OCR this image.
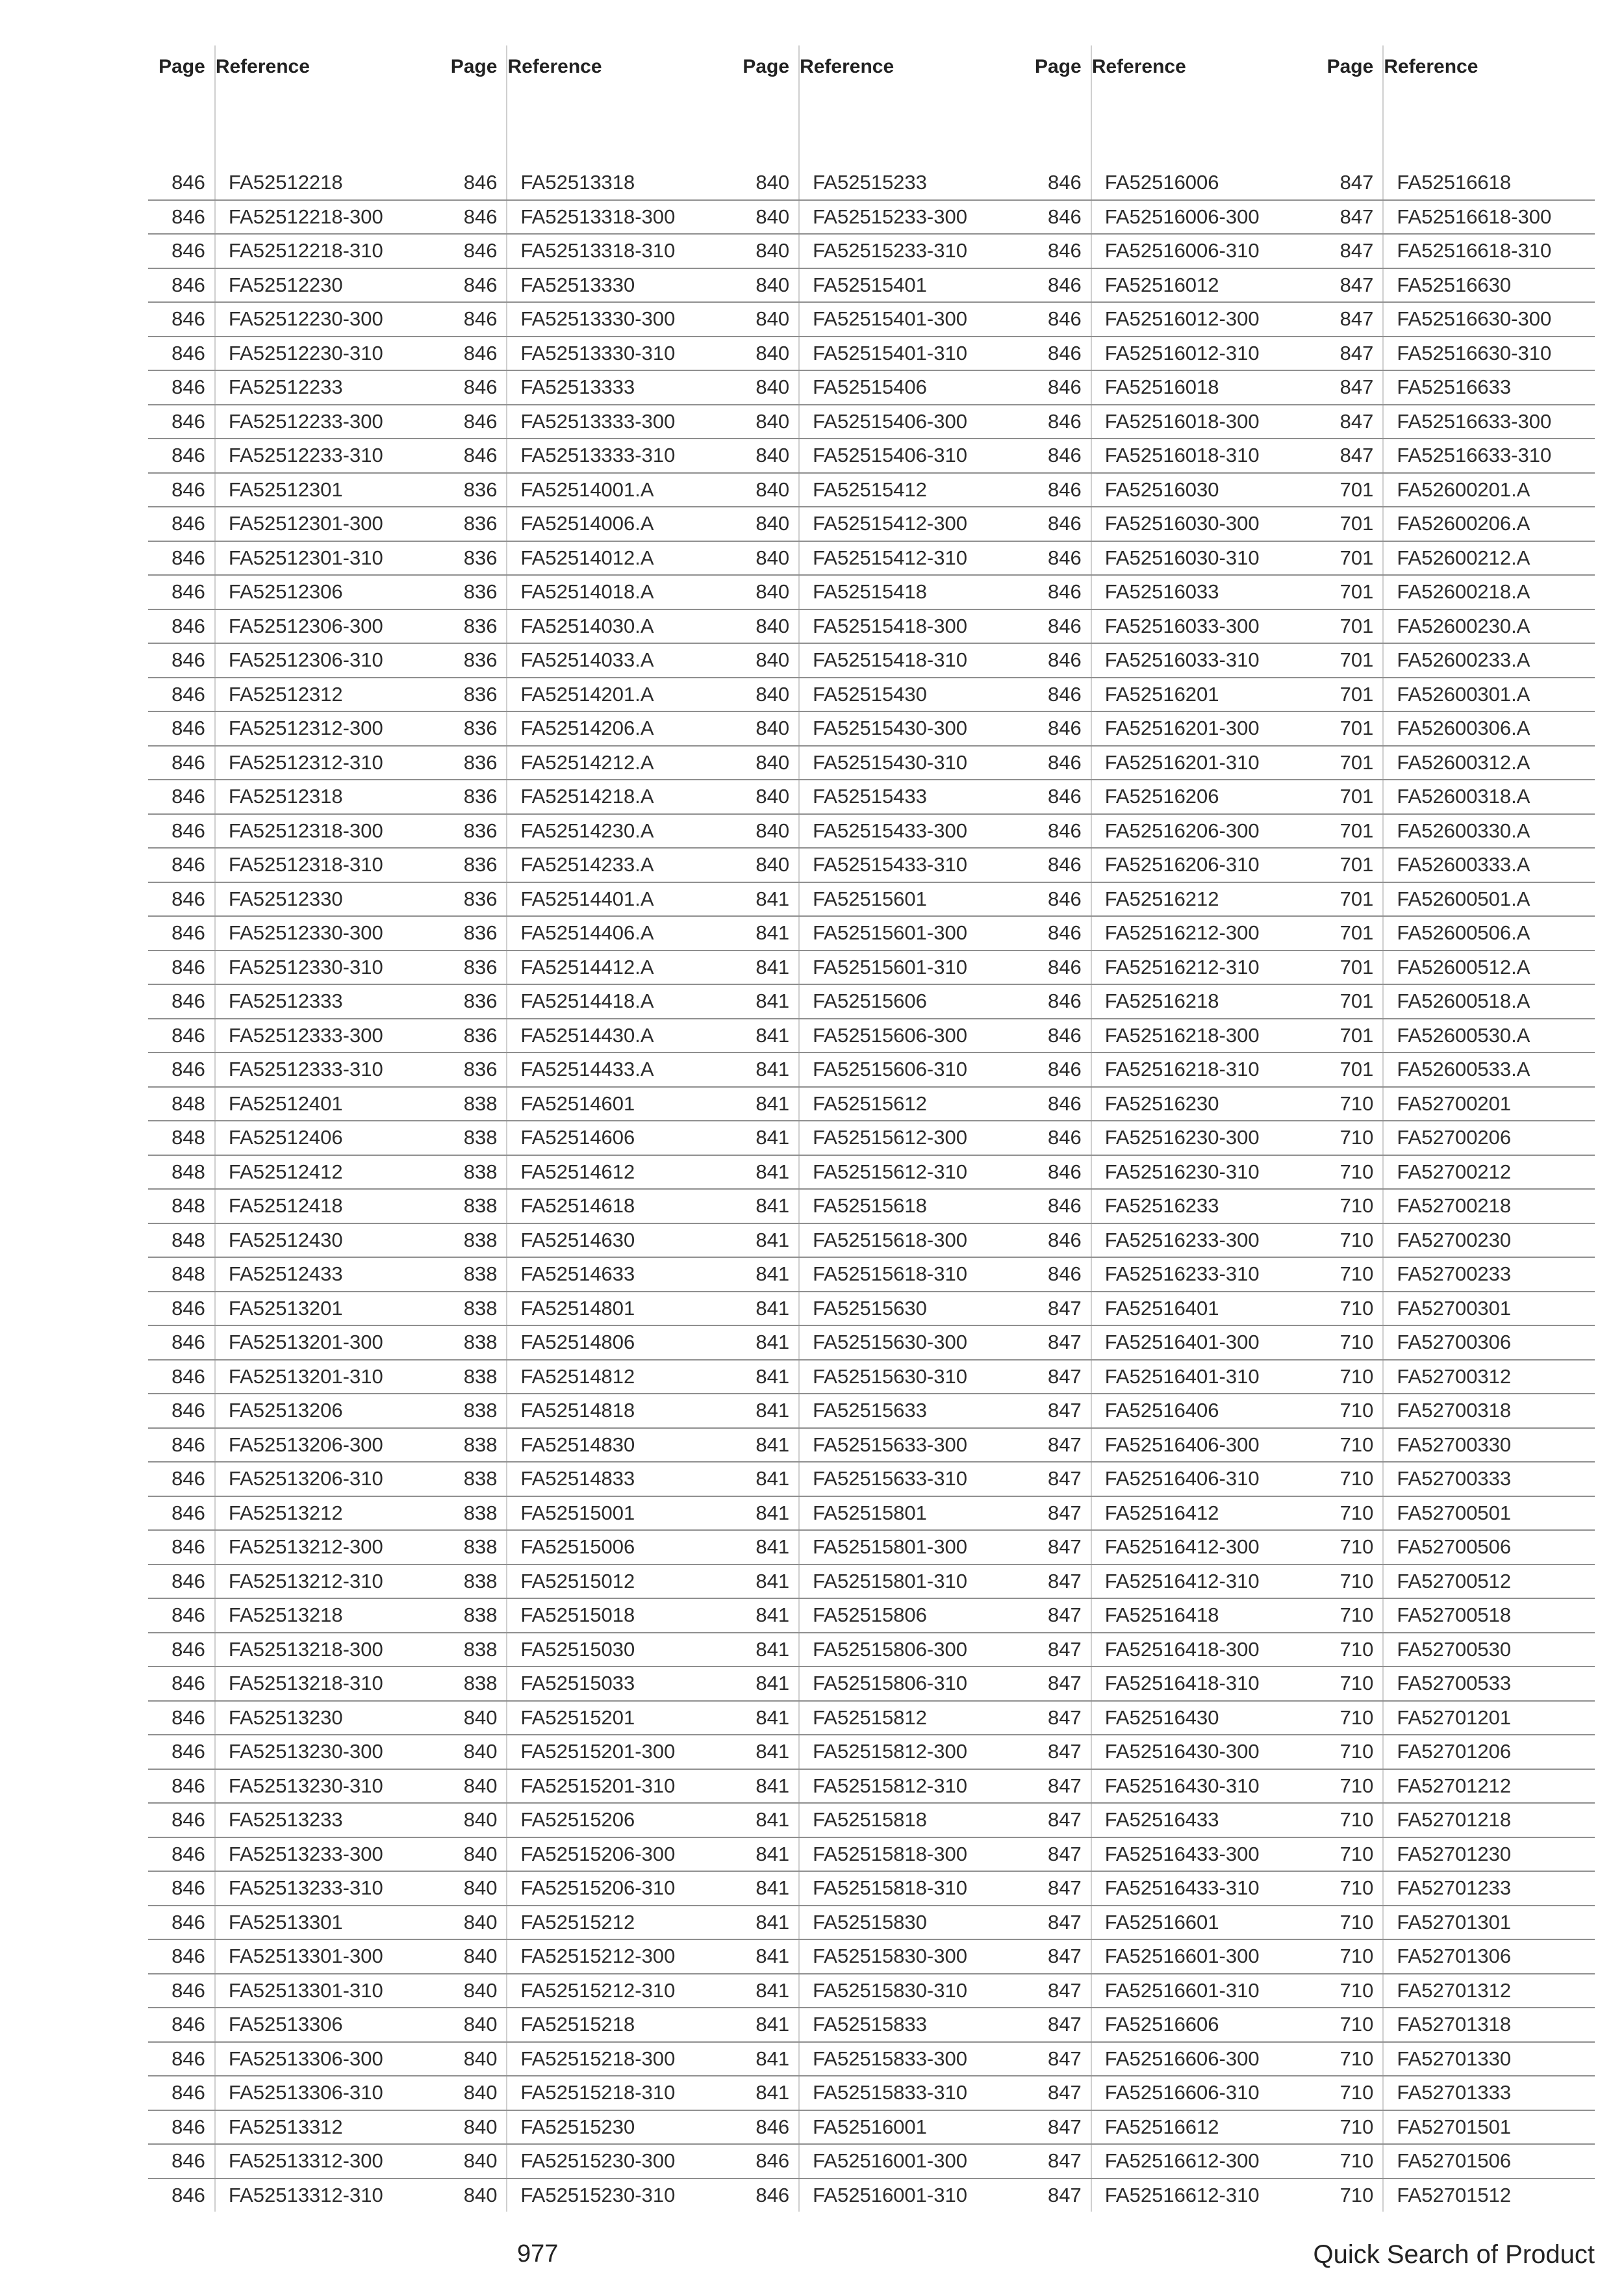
Page	Reference	Page	Reference	Page	Reference	Page	Reference	Page	Reference

846	FA52512218	846	FA52513318	840	FA52515233	846	FA52516006	847	FA52516618
846	FA52512218-300	846	FA52513318-300	840	FA52515233-300	846	FA52516006-300	847	FA52516618-300
846	FA52512218-310	846	FA52513318-310	840	FA52515233-310	846	FA52516006-310	847	FA52516618-310
846	FA52512230	846	FA52513330	840	FA52515401	846	FA52516012	847	FA52516630
846	FA52512230-300	846	FA52513330-300	840	FA52515401-300	846	FA52516012-300	847	FA52516630-300
846	FA52512230-310	846	FA52513330-310	840	FA52515401-310	846	FA52516012-310	847	FA52516630-310
846	FA52512233	846	FA52513333	840	FA52515406	846	FA52516018	847	FA52516633
846	FA52512233-300	846	FA52513333-300	840	FA52515406-300	846	FA52516018-300	847	FA52516633-300
846	FA52512233-310	846	FA52513333-310	840	FA52515406-310	846	FA52516018-310	847	FA52516633-310
846	FA52512301	836	FA52514001.A	840	FA52515412	846	FA52516030	701	FA52600201.A
846	FA52512301-300	836	FA52514006.A	840	FA52515412-300	846	FA52516030-300	701	FA52600206.A
846	FA52512301-310	836	FA52514012.A	840	FA52515412-310	846	FA52516030-310	701	FA52600212.A
846	FA52512306	836	FA52514018.A	840	FA52515418	846	FA52516033	701	FA52600218.A
846	FA52512306-300	836	FA52514030.A	840	FA52515418-300	846	FA52516033-300	701	FA52600230.A
846	FA52512306-310	836	FA52514033.A	840	FA52515418-310	846	FA52516033-310	701	FA52600233.A
846	FA52512312	836	FA52514201.A	840	FA52515430	846	FA52516201	701	FA52600301.A
846	FA52512312-300	836	FA52514206.A	840	FA52515430-300	846	FA52516201-300	701	FA52600306.A
846	FA52512312-310	836	FA52514212.A	840	FA52515430-310	846	FA52516201-310	701	FA52600312.A
846	FA52512318	836	FA52514218.A	840	FA52515433	846	FA52516206	701	FA52600318.A
846	FA52512318-300	836	FA52514230.A	840	FA52515433-300	846	FA52516206-300	701	FA52600330.A
846	FA52512318-310	836	FA52514233.A	840	FA52515433-310	846	FA52516206-310	701	FA52600333.A
846	FA52512330	836	FA52514401.A	841	FA52515601	846	FA52516212	701	FA52600501.A
846	FA52512330-300	836	FA52514406.A	841	FA52515601-300	846	FA52516212-300	701	FA52600506.A
846	FA52512330-310	836	FA52514412.A	841	FA52515601-310	846	FA52516212-310	701	FA52600512.A
846	FA52512333	836	FA52514418.A	841	FA52515606	846	FA52516218	701	FA52600518.A
846	FA52512333-300	836	FA52514430.A	841	FA52515606-300	846	FA52516218-300	701	FA52600530.A
846	FA52512333-310	836	FA52514433.A	841	FA52515606-310	846	FA52516218-310	701	FA52600533.A
848	FA52512401	838	FA52514601	841	FA52515612	846	FA52516230	710	FA52700201
848	FA52512406	838	FA52514606	841	FA52515612-300	846	FA52516230-300	710	FA52700206
848	FA52512412	838	FA52514612	841	FA52515612-310	846	FA52516230-310	710	FA52700212
848	FA52512418	838	FA52514618	841	FA52515618	846	FA52516233	710	FA52700218
848	FA52512430	838	FA52514630	841	FA52515618-300	846	FA52516233-300	710	FA52700230
848	FA52512433	838	FA52514633	841	FA52515618-310	846	FA52516233-310	710	FA52700233
846	FA52513201	838	FA52514801	841	FA52515630	847	FA52516401	710	FA52700301
846	FA52513201-300	838	FA52514806	841	FA52515630-300	847	FA52516401-300	710	FA52700306
846	FA52513201-310	838	FA52514812	841	FA52515630-310	847	FA52516401-310	710	FA52700312
846	FA52513206	838	FA52514818	841	FA52515633	847	FA52516406	710	FA52700318
846	FA52513206-300	838	FA52514830	841	FA52515633-300	847	FA52516406-300	710	FA52700330
846	FA52513206-310	838	FA52514833	841	FA52515633-310	847	FA52516406-310	710	FA52700333
846	FA52513212	838	FA52515001	841	FA52515801	847	FA52516412	710	FA52700501
846	FA52513212-300	838	FA52515006	841	FA52515801-300	847	FA52516412-300	710	FA52700506
846	FA52513212-310	838	FA52515012	841	FA52515801-310	847	FA52516412-310	710	FA52700512
846	FA52513218	838	FA52515018	841	FA52515806	847	FA52516418	710	FA52700518
846	FA52513218-300	838	FA52515030	841	FA52515806-300	847	FA52516418-300	710	FA52700530
846	FA52513218-310	838	FA52515033	841	FA52515806-310	847	FA52516418-310	710	FA52700533
846	FA52513230	840	FA52515201	841	FA52515812	847	FA52516430	710	FA52701201
846	FA52513230-300	840	FA52515201-300	841	FA52515812-300	847	FA52516430-300	710	FA52701206
846	FA52513230-310	840	FA52515201-310	841	FA52515812-310	847	FA52516430-310	710	FA52701212
846	FA52513233	840	FA52515206	841	FA52515818	847	FA52516433	710	FA52701218
846	FA52513233-300	840	FA52515206-300	841	FA52515818-300	847	FA52516433-300	710	FA52701230
846	FA52513233-310	840	FA52515206-310	841	FA52515818-310	847	FA52516433-310	710	FA52701233
846	FA52513301	840	FA52515212	841	FA52515830	847	FA52516601	710	FA52701301
846	FA52513301-300	840	FA52515212-300	841	FA52515830-300	847	FA52516601-300	710	FA52701306
846	FA52513301-310	840	FA52515212-310	841	FA52515830-310	847	FA52516601-310	710	FA52701312
846	FA52513306	840	FA52515218	841	FA52515833	847	FA52516606	710	FA52701318
846	FA52513306-300	840	FA52515218-300	841	FA52515833-300	847	FA52516606-300	710	FA52701330
846	FA52513306-310	840	FA52515218-310	841	FA52515833-310	847	FA52516606-310	710	FA52701333
846	FA52513312	840	FA52515230	846	FA52516001	847	FA52516612	710	FA52701501
846	FA52513312-300	840	FA52515230-300	846	FA52516001-300	847	FA52516612-300	710	FA52701506
846	FA52513312-310	840	FA52515230-310	846	FA52516001-310	847	FA52516612-310	710	FA52701512
977	Quick Search of Product
